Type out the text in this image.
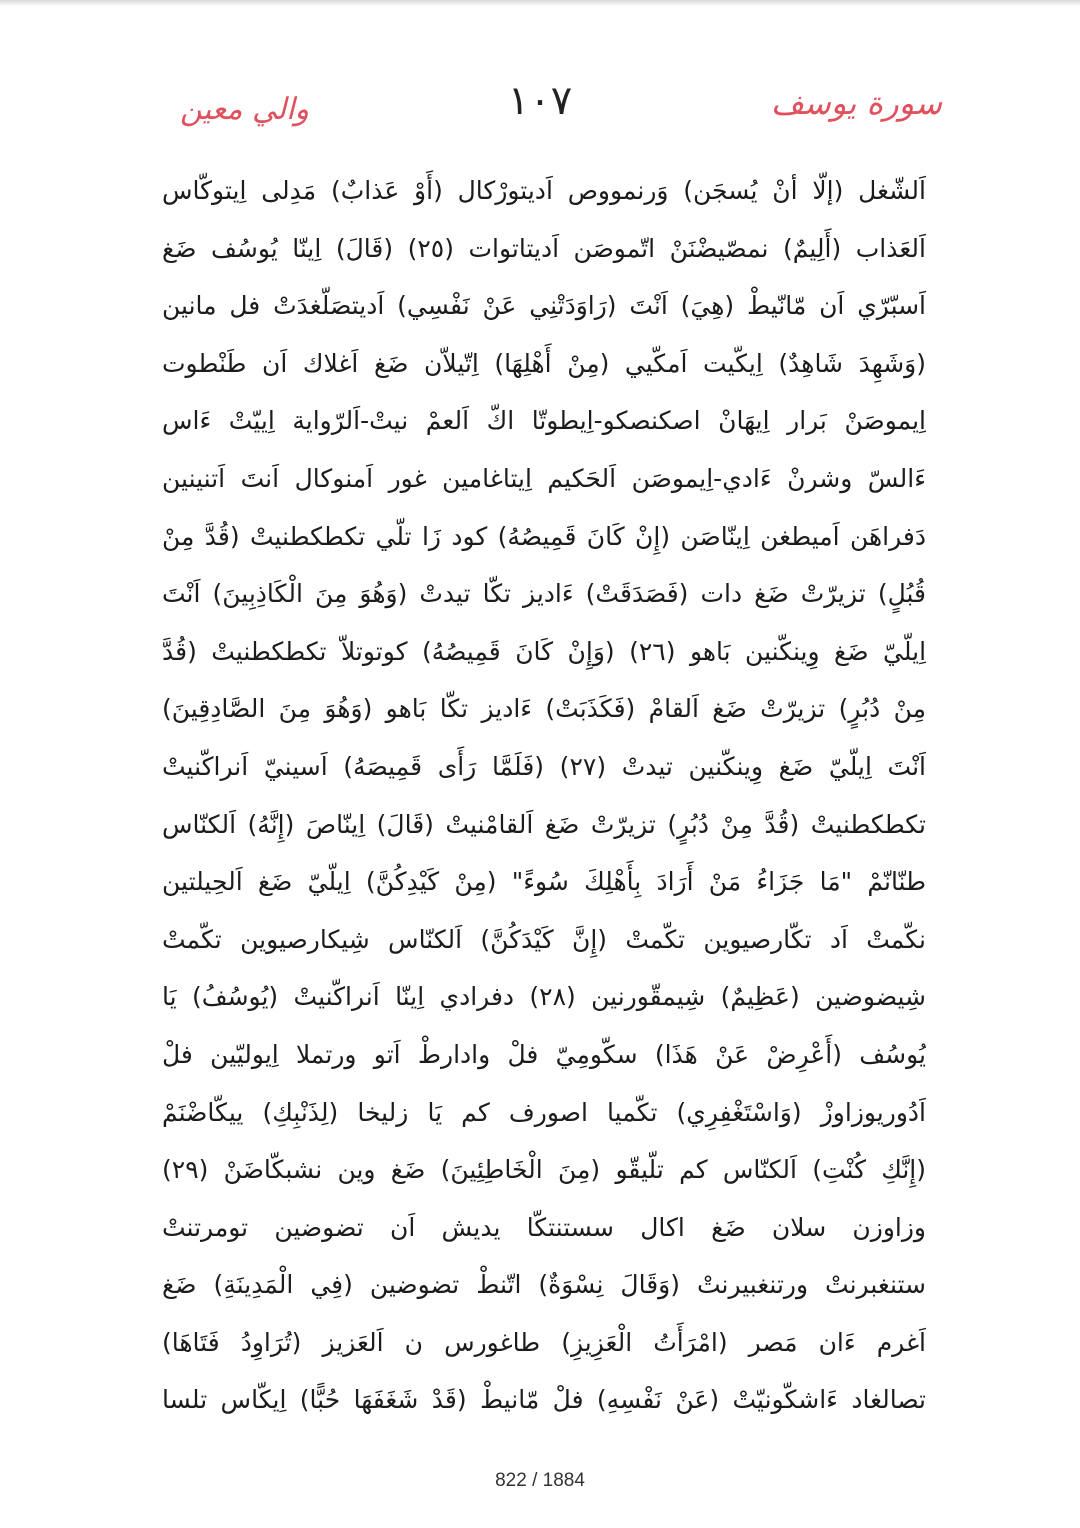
١٠٧	سورة يوسف
والي معين
اَلشّغل (إلّا أنْ يُسجَن) وَرنمووص اَديتورْكال (أَوْ عَذابٌ) مَدِلى اِيتوكّاس
اَلعَذاب (أَلِيمٌ) نمصّيضْنَنْ اتّموصَن اَديتاتوات (٢٥) (قَالَ) اِينّا يُوسُف ضَغ
اَسبّرّي اَن مّانّيطْ (هِيَ) اَنْتَ (رَاوَدَتْنِي عَنْ نَفْسِي) اَديتصَلّغدَتْ فل مانين
(وَشَهِدَ شَاهِدٌ) اِيكّيت اَمكّيي (مِنْ أَهْلِهَا) اِتّيلاّن ضَغ اَغلاك اَن طَنْطوت
اِيموصَنْ بَرار اِيهَانْ اصكنصكو-اِيطوتّا اكّ اَلعمْ نيتْ-اَلرّواية اِييّتْ ءَاس
ءَالسّ وشرنْ ءَادي-اِيموصَن اَلحَكيم اِيتاغامين غور اَمنوكال اَنتَ اَتنينين
دَفراهَن اَميطغن اِينّاصَن (إِنْ كَانَ قَمِيصُهُ) كود زَا تلّي تكطكطنيتْ (قُدَّ مِنْ
قُبُلٍ) تزيرّتْ ضَغ دات (فَصَدَقَتْ) ءَاديز تكّا تيدتْ (وَهُوَ مِنَ الْكَاذِبِينَ) اَنْتَ
اِيلّيّ ضَغ وِينكّنين بَاهو (٢٦) (وَإِنْ كَانَ قَمِيصُهُ) كوتوتلاّ تكطكطنيتْ (قُدَّ
مِنْ دُبُرٍ) تزيرّتْ ضَغ اَلقامْ (فَكَذَبَتْ) ءَاديز تكّا بَاهو (وَهُوَ مِنَ الصَّادِقِينَ)
اَنْتَ اِيلّيّ ضَغ وِينكّنين تيدتْ (٢٧) (فَلَمَّا رَأَى قَمِيصَهُ) اَسينيّ اَنراكّنيتْ
تكطكطنيتْ (قُدَّ مِنْ دُبُرٍ) تزيرّتْ ضَغ اَلقامْنيتْ (قَالَ) اِينّاصَ (إِنَّهُ) اَلكنّاس
طنّانّمْ "مَا جَزَاءُ مَنْ أَرَادَ بِأَهْلِكَ سُوءً" (مِنْ كَيْدِكُنَّ) اِيلّيّ ضَغ اَلحِيلتين
نكّمتْ اَد تكّارصيوين تكّمتْ (إِنَّ كَيْدَكُنَّ) اَلكنّاس شِيكارصيوين تكّمتْ
شِيضوضين (عَظِيمٌ) شِيمقّورنين (٢٨) دفرادي اِينّا اَنراكّنيتْ (يُوسُفُ) يَا
يُوسُف (أَعْرِضْ عَنْ هَذَا) سكّومِيّ فلْ وادارطْ اَتو ورتملا اِيوليّين فلْ
اَدُوريوزاوزْ (وَاسْتَغْفِرِي) تكّميا اصورف كم يَا زليخا (لِذَنْبِكِ) ييكّاضْنَمْ
(إِنَّكِ كُنْتِ) اَلكنّاس كم تلّيقّو (مِنَ الْخَاطِئِينَ) ضَغ وين نشبكّاضَنْ (٢٩)
وزاوزن سلان ضَغ اكال سستنتكّا يديش اَن تضوضين تومرتنتْ
ستنغبرنتْ ورتنغبيرنتْ (وَقَالَ نِسْوَةٌ) اتّنطْ تضوضين (فِي الْمَدِينَةِ) ضَغ
اَغرم ءَان مَصر (امْرَأَتُ الْعَزِيزِ) طاغورس ن اَلعَزيز (تُرَاوِدُ فَتَاهَا)
تصالغاد ءَاشكّونيّتْ (عَنْ نَفْسِهِ) فلْ مّانيطْ (قَدْ شَغَفَهَا حُبًّا) اِيكّاس تلسا
822 / 1884
